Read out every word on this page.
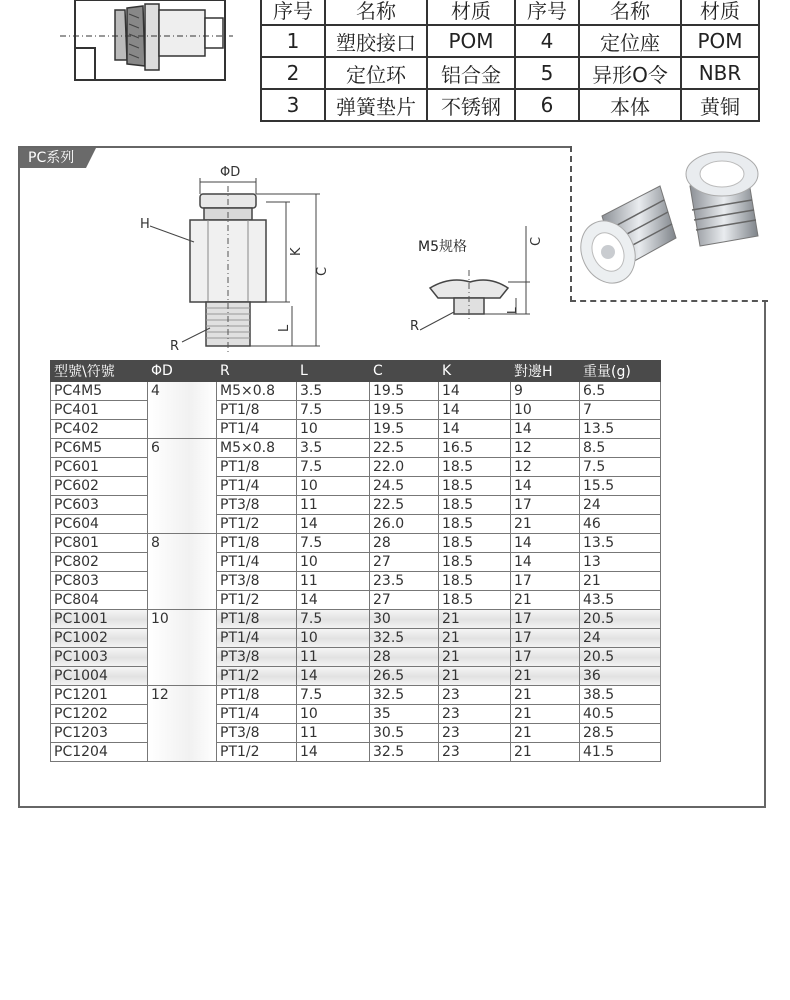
序号	名称	材质	序号	名称	材质
1	塑胶接口	POM	4	定位座	POM
2	定位环	铝合金	5	异形O令	NBR
3	弹簧垫片	不锈钢	6	本体	黄铜
PC系列
ΦD
K
C
L
H
R
M5规格	C
L
R
型號\符號	ΦD	R	L	C	K	對邊H	重量(g)
PC4M5	4	M5×0.8	3.5	19.5	14	9	6.5
PC401		PT1/8	7.5	19.5	14	10	7
PC402		PT1/4	10	19.5	14	14	13.5
PC6M5	6	M5×0.8	3.5	22.5	16.5	12	8.5
PC601		PT1/8	7.5	22.0	18.5	12	7.5
PC602		PT1/4	10	24.5	18.5	14	15.5
PC603		PT3/8	11	22.5	18.5	17	24
PC604		PT1/2	14	26.0	18.5	21	46
PC801	8	PT1/8	7.5	28	18.5	14	13.5
PC802		PT1/4	10	27	18.5	14	13
PC803		PT3/8	11	23.5	18.5	17	21
PC804		PT1/2	14	27	18.5	21	43.5
PC1001	10	PT1/8	7.5	30	21	17	20.5
PC1002		PT1/4	10	32.5	21	17	24
PC1003		PT3/8	11	28	21	17	20.5
PC1004		PT1/2	14	26.5	21	21	36
PC1201	12	PT1/8	7.5	32.5	23	21	38.5
PC1202		PT1/4	10	35	23	21	40.5
PC1203		PT3/8	11	30.5	23	21	28.5
PC1204		PT1/2	14	32.5	23	21	41.5
